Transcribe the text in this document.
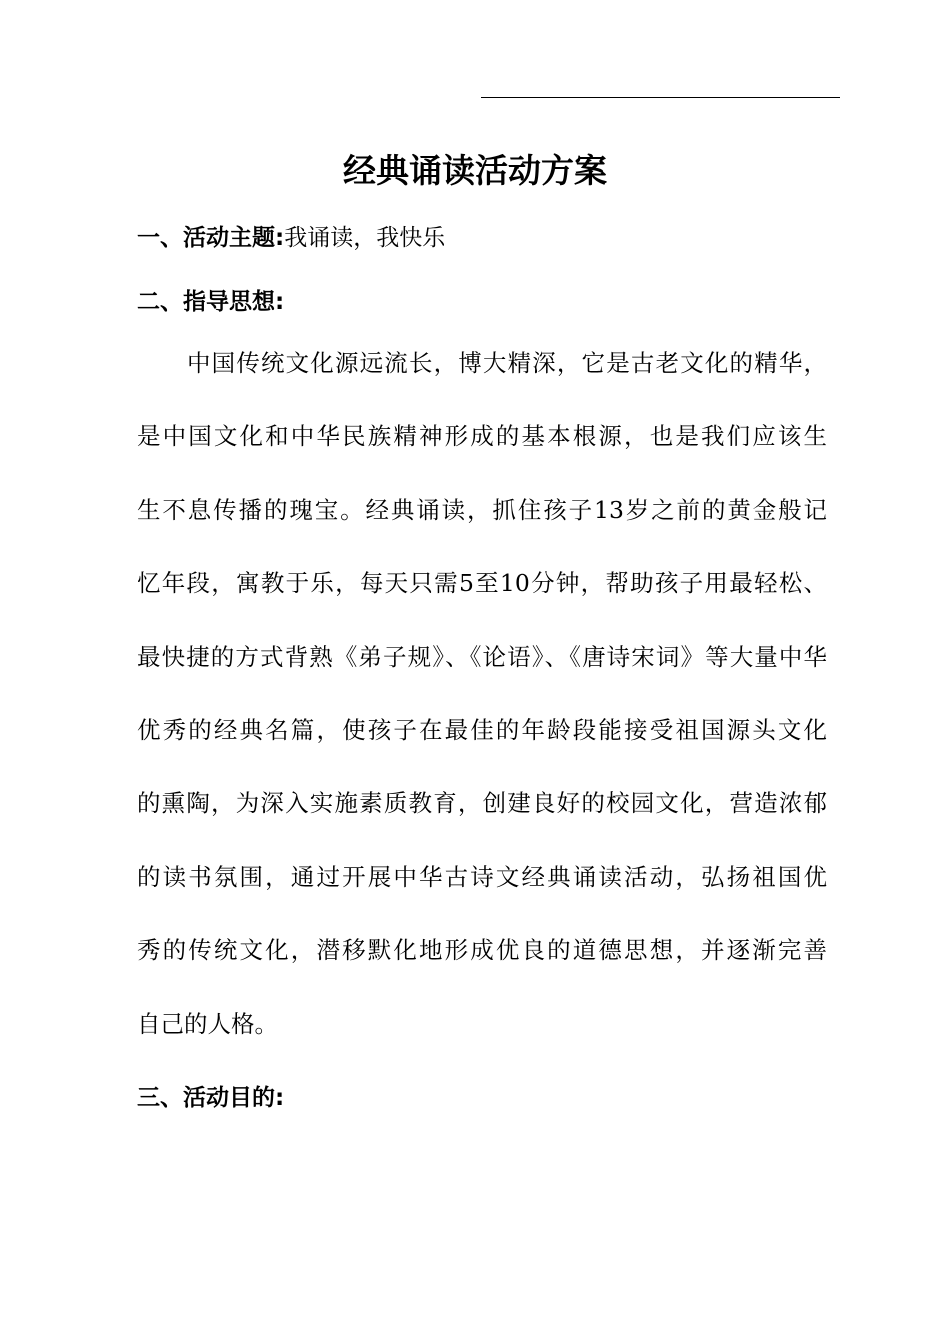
经典诵读活动方案

一、活动主题:我诵读，我快乐

二、指导思想:

中国传统文化源远流长，博大精深，它是古老文化的精华，
是中国文化和中华民族精神形成的基本根源，也是我们应该生
生不息传播的瑰宝。经典诵读，抓住孩子13岁之前的黄金般记
忆年段，寓教于乐，每天只需5至10分钟，帮助孩子用最轻松、
最快捷的方式背熟《弟子规》、《论语》、《唐诗宋词》等大量中华
优秀的经典名篇，使孩子在最佳的年龄段能接受祖国源头文化
的熏陶，为深入实施素质教育，创建良好的校园文化，营造浓郁
的读书氛围，通过开展中华古诗文经典诵读活动，弘扬祖国优
秀的传统文化，潜移默化地形成优良的道德思想，并逐渐完善
自己的人格。

三、活动目的:
